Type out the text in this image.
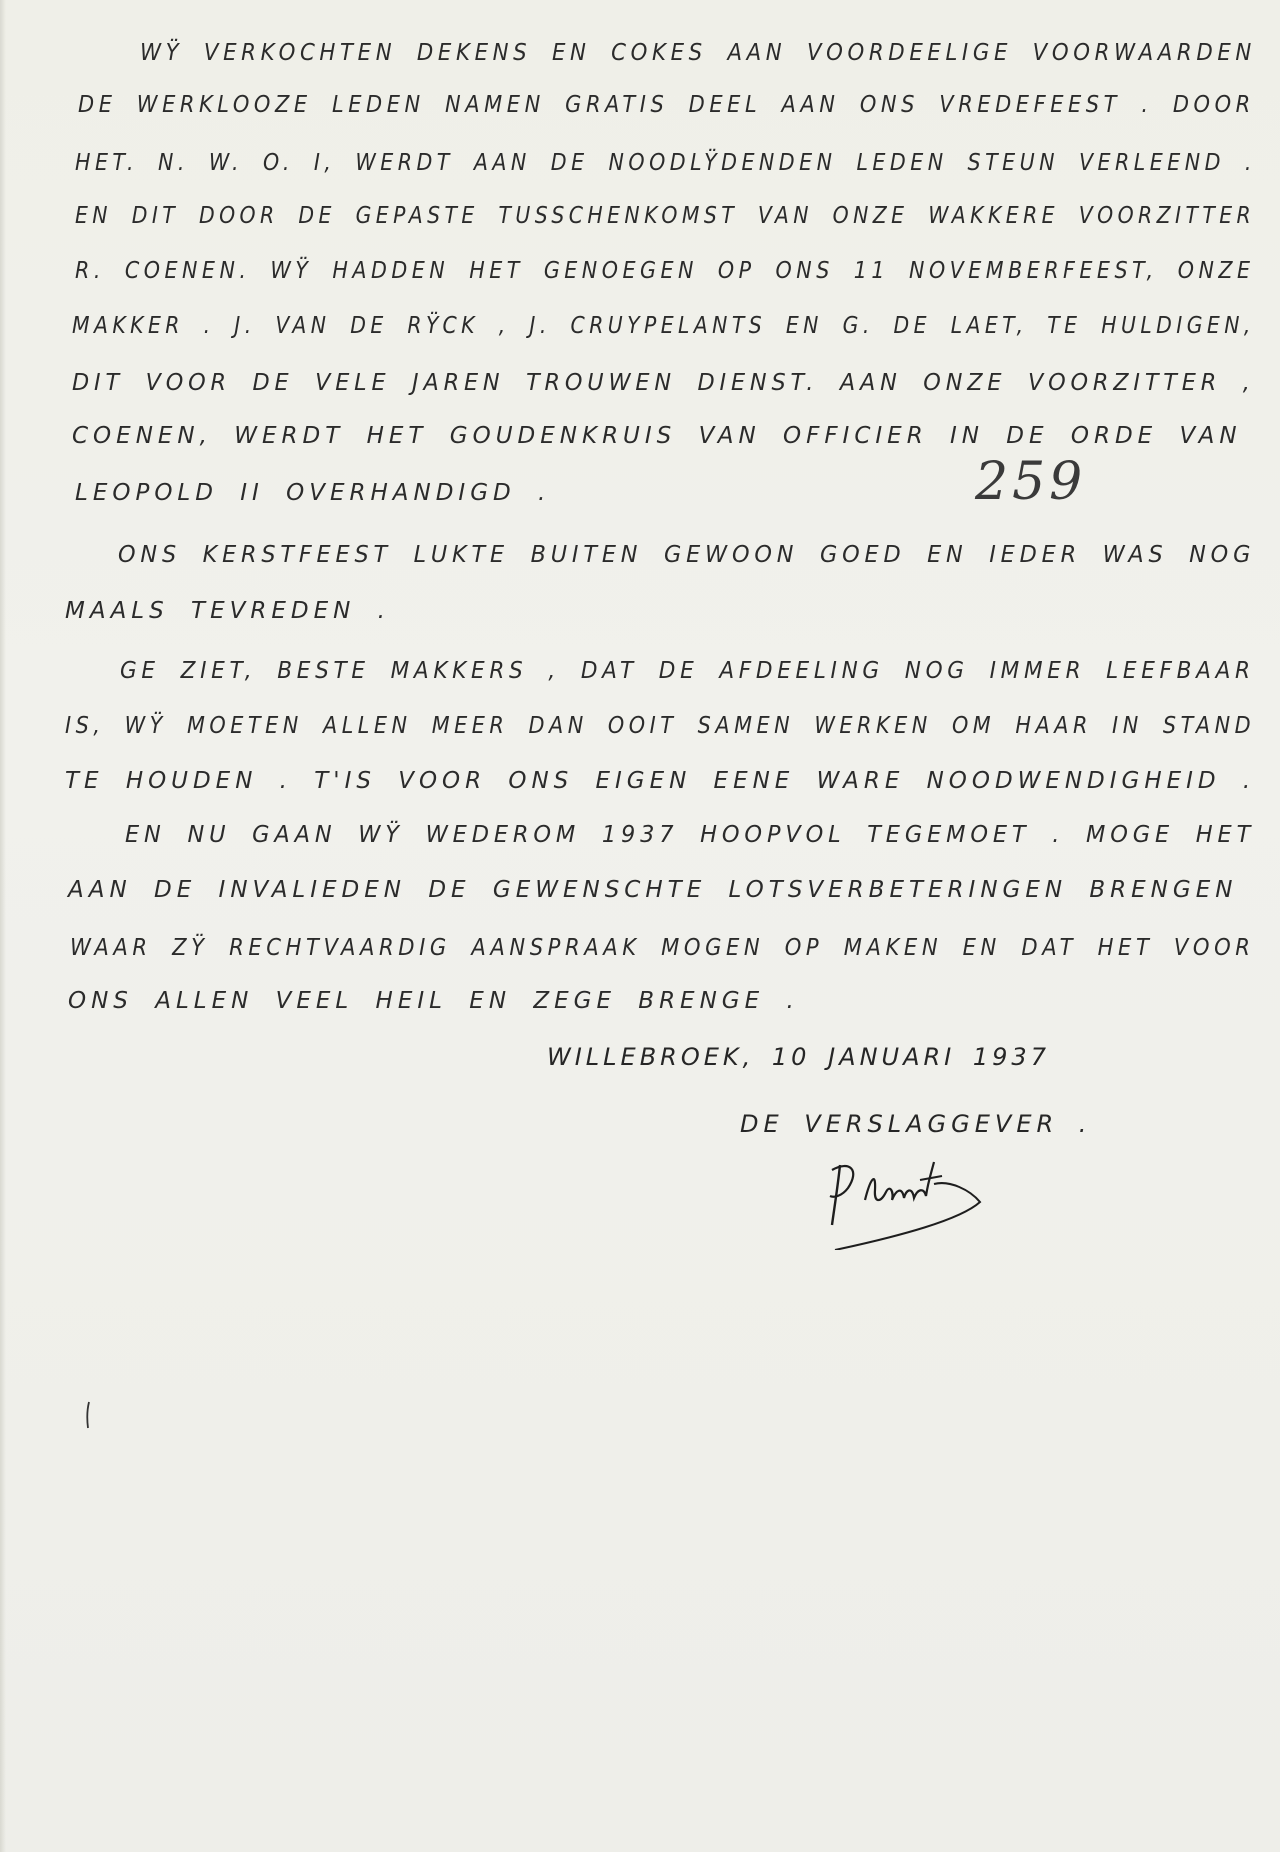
WŸ VERKOCHTEN DEKENS EN COKES AAN VOORDEELIGE VOORWAARDEN
DE WERKLOOZE LEDEN NAMEN GRATIS DEEL AAN ONS VREDEFEEST . DOOR
HET. N. W. O. I, WERDT AAN DE NOODLŸDENDEN LEDEN STEUN VERLEEND .
EN DIT DOOR DE GEPASTE TUSSCHENKOMST VAN ONZE WAKKERE VOORZITTER
R. COENEN. WŸ HADDEN HET GENOEGEN OP ONS 11 NOVEMBERFEEST, ONZE
MAKKER . J. VAN DE RŸCK , J. CRUYPELANTS EN G. DE LAET, TE HULDIGEN,
DIT VOOR DE VELE JAREN TROUWEN DIENST. AAN ONZE VOORZITTER ,
COENEN, WERDT HET GOUDENKRUIS VAN OFFICIER IN DE ORDE VAN
LEOPOLD II OVERHANDIGD .	259
ONS KERSTFEEST LUKTE BUITEN GEWOON GOED EN IEDER WAS NOG
MAALS TEVREDEN .
GE ZIET, BESTE MAKKERS , DAT DE AFDEELING NOG IMMER LEEFBAAR
IS, WŸ MOETEN ALLEN MEER DAN OOIT SAMEN WERKEN OM HAAR IN STAND
TE HOUDEN . T'IS VOOR ONS EIGEN EENE WARE NOODWENDIGHEID .
EN NU GAAN WŸ WEDEROM 1937 HOOPVOL TEGEMOET . MOGE HET
AAN DE INVALIEDEN DE GEWENSCHTE LOTSVERBETERINGEN BRENGEN
WAAR ZŸ RECHTVAARDIG AANSPRAAK MOGEN OP MAKEN EN DAT HET VOOR
ONS ALLEN VEEL HEIL EN ZEGE BRENGE .
WILLEBROEK, 10 JANUARI 1937
DE VERSLAGGEVER .
